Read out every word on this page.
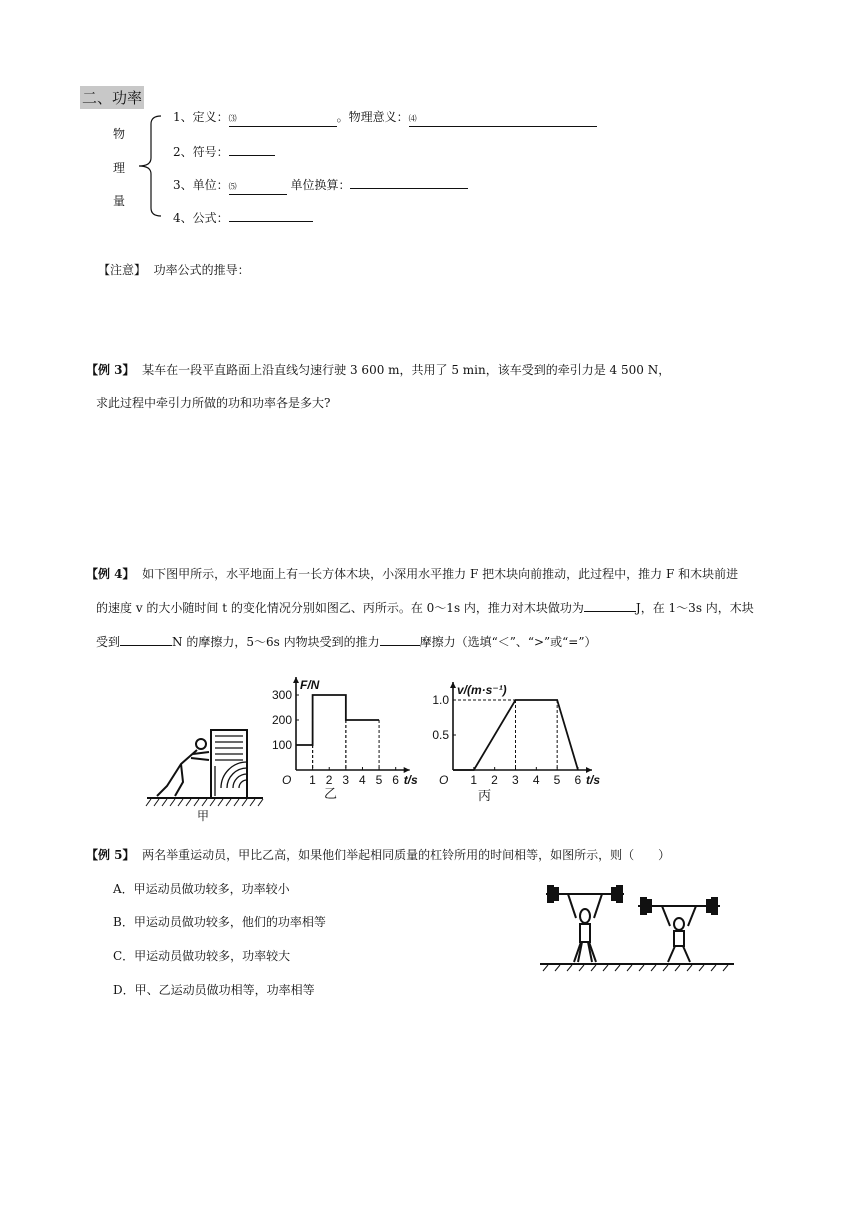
二、功率
物
理
量
1、定义：⑶	。物理意义：⑷
2、符号：
3、单位：⑸	单位换算：
4、公式：
【注意】 功率公式的推导：
【例 3】 某车在一段平直路面上沿直线匀速行驶 3 600 m，共用了 5 min，该车受到的牵引力是 4 500 N，
求此过程中牵引力所做的功和功率各是多大?
【例 4】 如下图甲所示，水平地面上有一长方体木块，小深用水平推力 F 把木块向前推动，此过程中，推力 F 和木块前进
的速度 v 的大小随时间 t 的变化情况分别如图乙、丙所示。在 0～1s 内，推力对木块做功为	J，在 1～3s 内，木块
受到	N 的摩擦力，5～6s 内物块受到的推力	摩擦力（选填“＜”、“>”或“=”）
甲
t/s
F/N
O 1 2 3 4 5 6
100
200
300
乙
t/s
v/(m·s⁻¹)
O 1 2 3 4 5 6
0.5
1.0
丙
【例 5】 两名举重运动员，甲比乙高，如果他们举起相同质量的杠铃所用的时间相等，如图所示，则（　　）
A．甲运动员做功较多，功率较小
B．甲运动员做功较多，他们的功率相等
C．甲运动员做功较多，功率较大
D．甲、乙运动员做功相等，功率相等
